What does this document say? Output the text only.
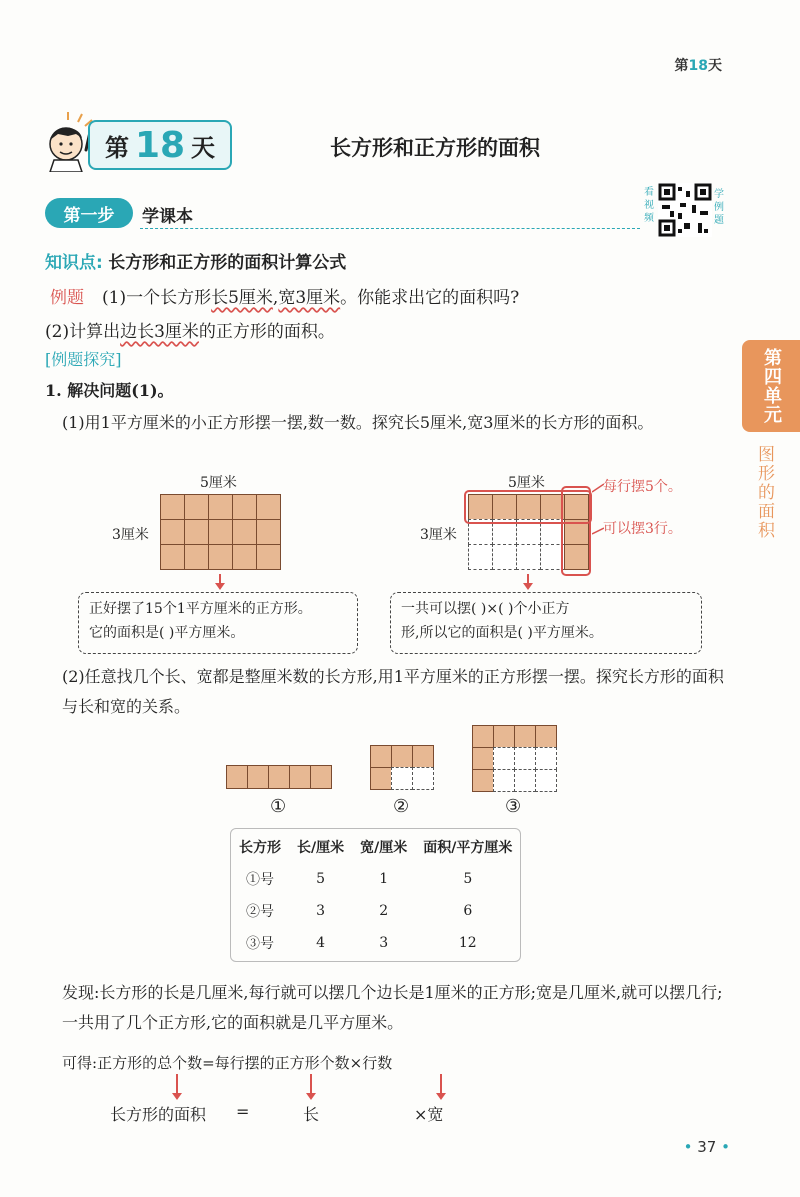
第18天
第 18 天	长方形和正方形的面积
第一步	学课本
看视频
学例题
知识点: 长方形和正方形的面积计算公式
例题 (1)一个长方形长5厘米,宽3厘米。你能求出它的面积吗?
(2)计算出边长3厘米的正方形的面积。
[例题探究]
1. 解决问题(1)。
(1)用1平方厘米的小正方形摆一摆,数一数。探究长5厘米,宽3厘米的长方形的面积。
5厘米
3厘米
正好摆了15个1平方厘米的正方形。
它的面积是( )平方厘米。
5厘米
3厘米
每行摆5个。
可以摆3行。
一共可以摆( )×( )个小正方
形,所以它的面积是( )平方厘米。
(2)任意找几个长、宽都是整厘米数的长方形,用1平方厘米的正方形摆一摆。探究长方形的面积与长和宽的关系。
①	②	③
长方形	长/厘米	宽/厘米	面积/平方厘米
①号	5	1	5
②号	3	2	6
③号	4	3	12
发现:长方形的长是几厘米,每行就可以摆几个边长是1厘米的正方形;宽是几厘米,就可以摆几行;一共用了几个正方形,它的面积就是几平方厘米。
可得:正方形的总个数=每行摆的正方形个数×行数
长方形的面积 =	长	×宽
第四单元
图形的面积
• 37 •
